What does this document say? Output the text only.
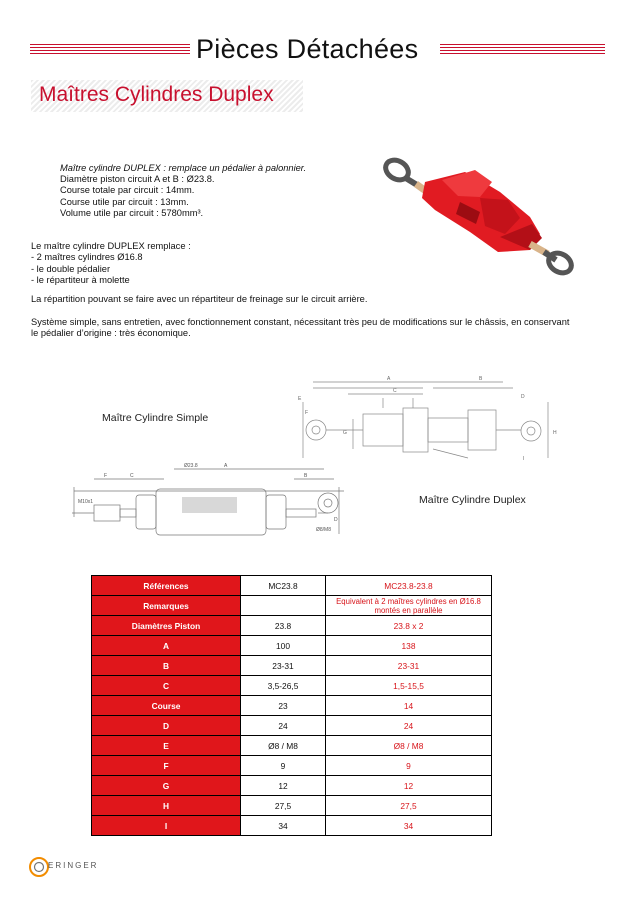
Pièces Détachées
Maîtres Cylindres Duplex
Maître cylindre DUPLEX : remplace un pédalier à palonnier.
Diamètre piston circuit A et B : Ø23.8.
Course totale par circuit : 14mm.
Course utile par circuit : 13mm.
Volume utile par circuit : 5780mm³.
Le maître cylindre DUPLEX remplace :
- 2 maîtres cylindres Ø16.8
- le double pédalier
- le répartiteur à molette
La répartition pouvant se faire avec un répartiteur de freinage sur le circuit arrière.
Système simple, sans entretien, avec fonctionnement constant, nécessitant très peu de modifications sur le châssis, en conservant
le pédalier d’origine : très économique.
Maître Cylindre Simple
Maître Cylindre Duplex
A	B
C
D
E
F
G	H
I
A
B
C
D
F
Ø23.8
M10x1
Ø8/M8
Références	MC23.8	MC23.8-23.8
Remarques		Equivalent à 2 maîtres cylindres en Ø16.8
montés en parallèle

Diamètres Piston	23.8	23.8 x 2
A	100	138
B	23-31	23-31
C	3,5-26,5	1,5-15,5
Course	23	14
D	24	24
E	Ø8 / M8	Ø8 / M8
F	9	9
G	12	12
H	27,5	27,5
I	34	34
ERINGER
